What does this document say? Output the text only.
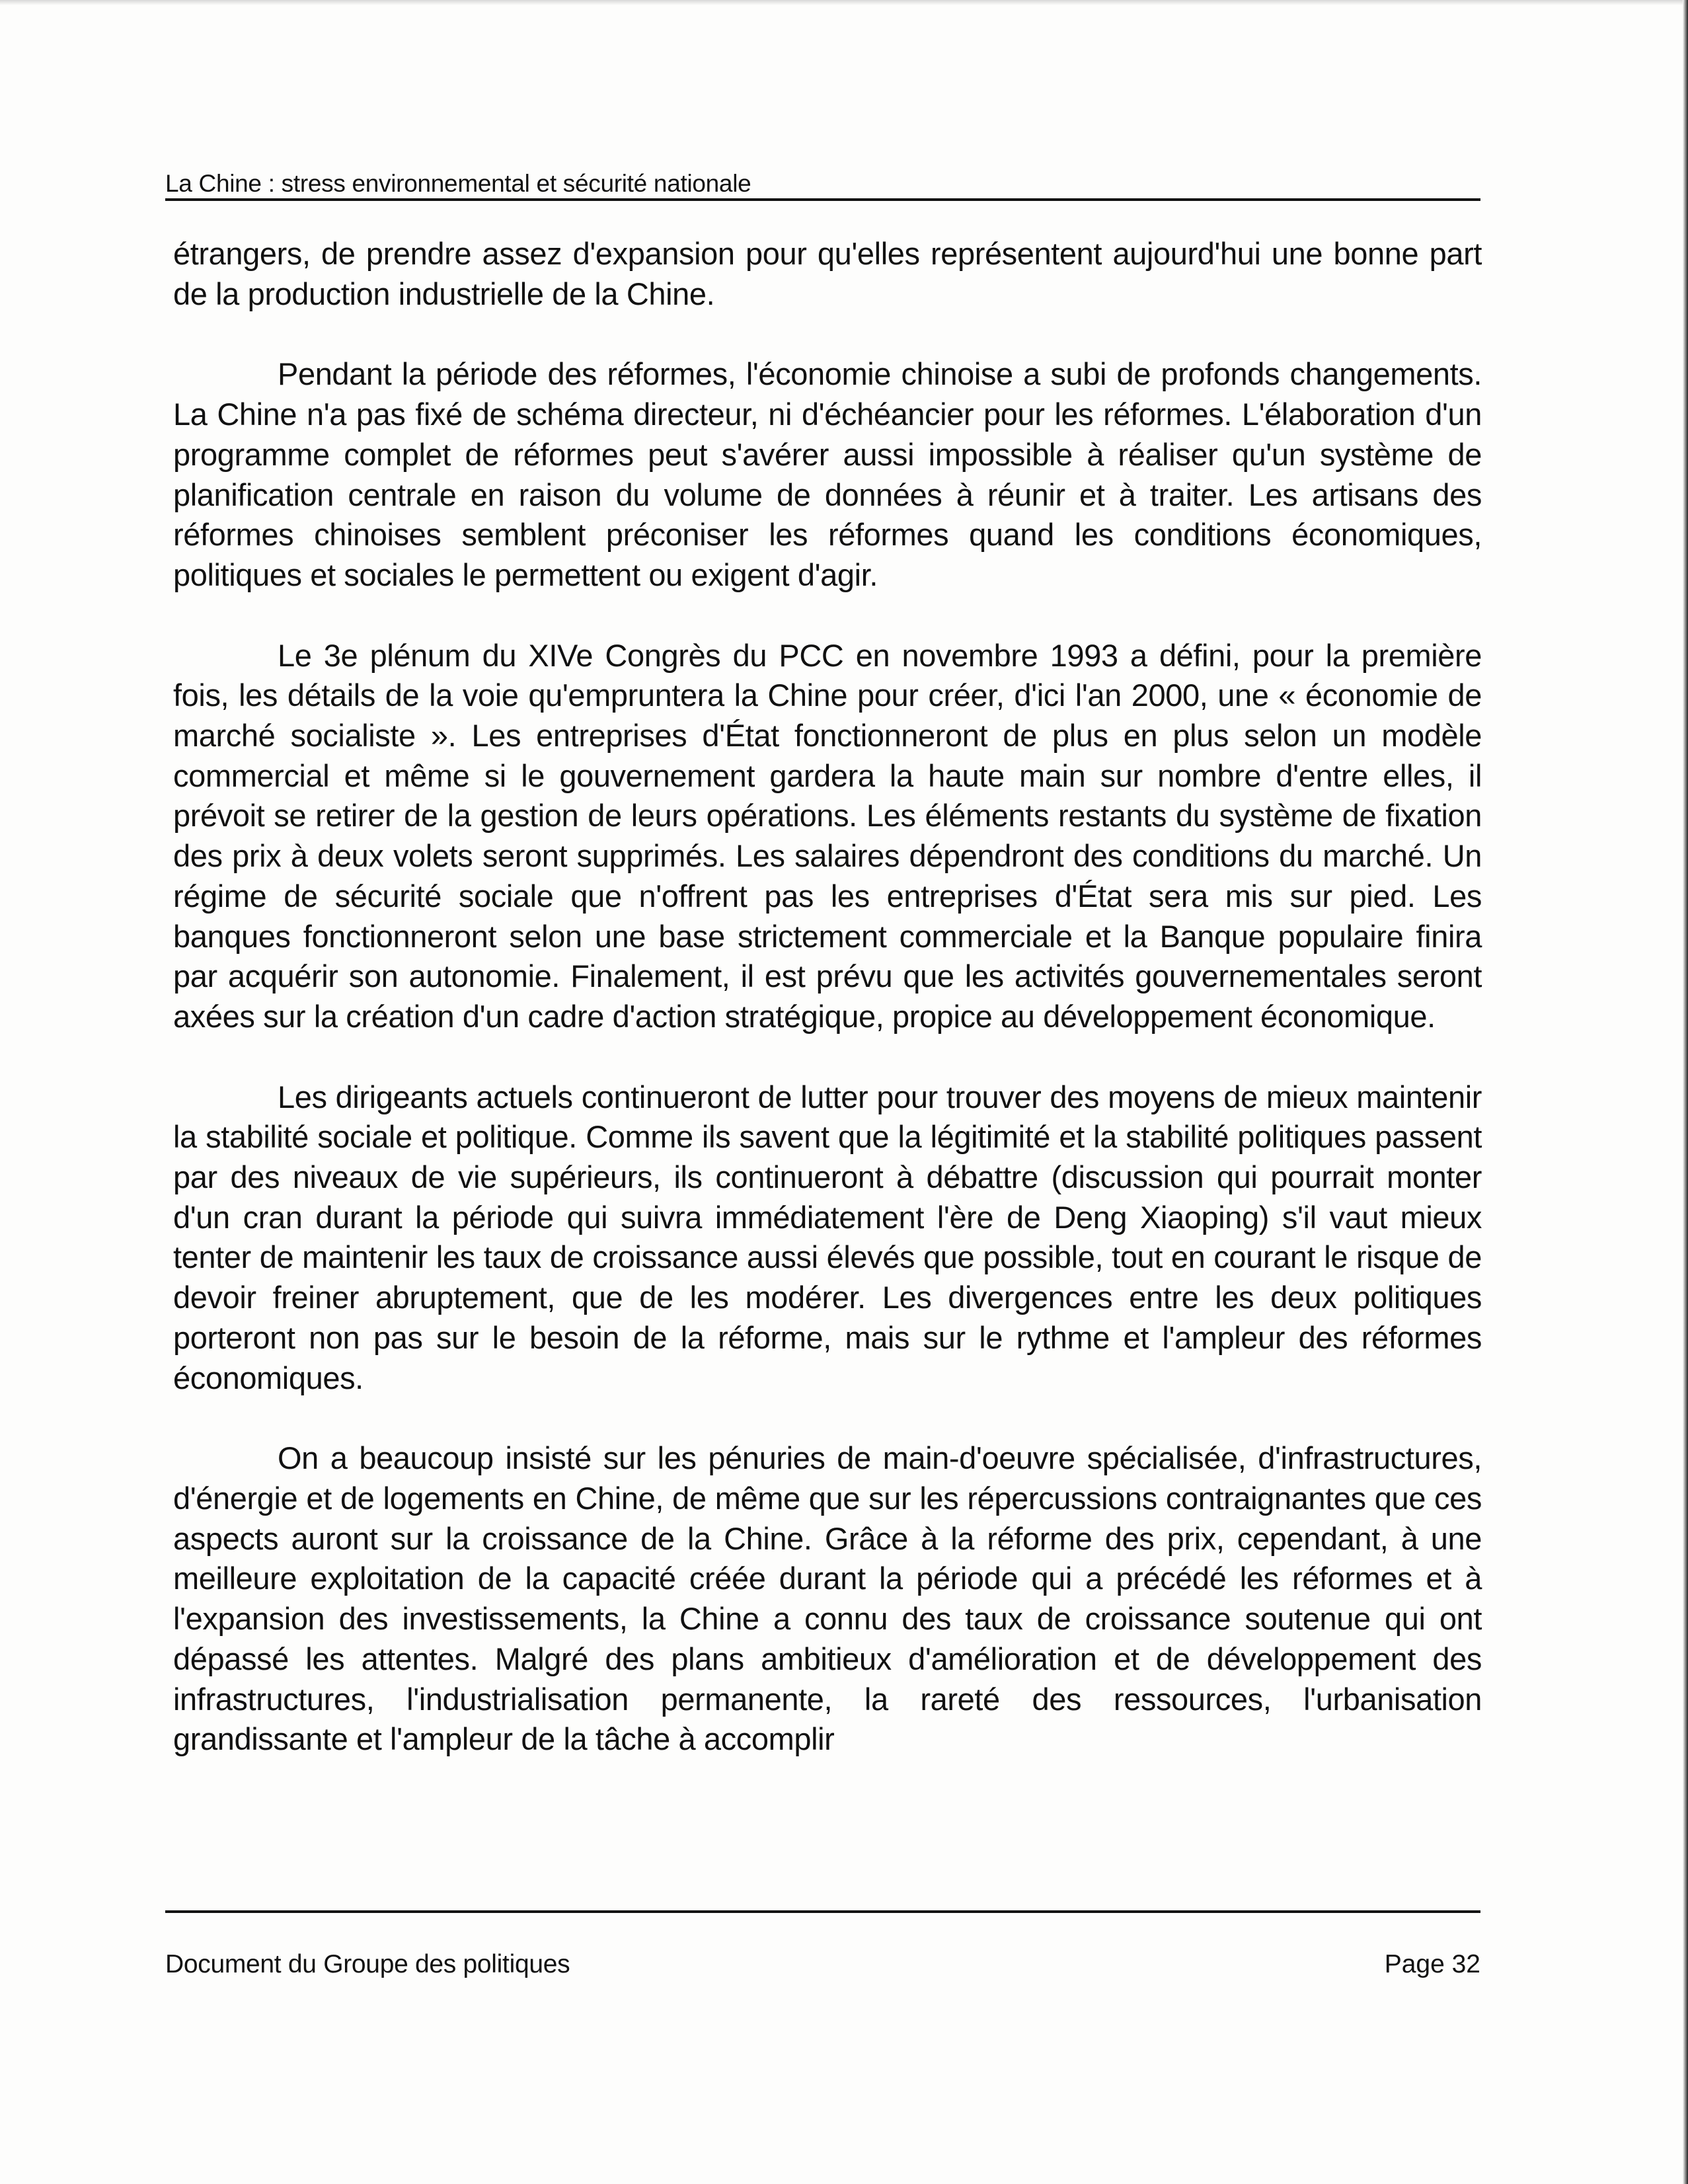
La Chine : stress environnemental et sécurité nationale

étrangers, de prendre assez d'expansion pour qu'elles représentent aujourd'hui une bonne part de la production industrielle de la Chine.

Pendant la période des réformes, l'économie chinoise a subi de profonds changements. La Chine n'a pas fixé de schéma directeur, ni d'échéancier pour les réformes. L'élaboration d'un programme complet de réformes peut s'avérer aussi impossible à réaliser qu'un système de planification centrale en raison du volume de données à réunir et à traiter. Les artisans des réformes chinoises semblent préconiser les réformes quand les conditions économiques, politiques et sociales le permettent ou exigent d'agir.

Le 3e plénum du XIVe Congrès du PCC en novembre 1993 a défini, pour la première fois, les détails de la voie qu'empruntera la Chine pour créer, d'ici l'an 2000, une « économie de marché socialiste ». Les entreprises d'État fonctionneront de plus en plus selon un modèle commercial et même si le gouvernement gardera la haute main sur nombre d'entre elles, il prévoit se retirer de la gestion de leurs opérations. Les éléments restants du système de fixation des prix à deux volets seront supprimés. Les salaires dépendront des conditions du marché. Un régime de sécurité sociale que n'offrent pas les entreprises d'État sera mis sur pied. Les banques fonctionneront selon une base strictement commerciale et la Banque populaire finira par acquérir son autonomie. Finalement, il est prévu que les activités gouvernementales seront axées sur la création d'un cadre d'action stratégique, propice au développement économique.

Les dirigeants actuels continueront de lutter pour trouver des moyens de mieux maintenir la stabilité sociale et politique. Comme ils savent que la légitimité et la stabilité politiques passent par des niveaux de vie supérieurs, ils continueront à débattre (discussion qui pourrait monter d'un cran durant la période qui suivra immédiatement l'ère de Deng Xiaoping) s'il vaut mieux tenter de maintenir les taux de croissance aussi élevés que possible, tout en courant le risque de devoir freiner abruptement, que de les modérer. Les divergences entre les deux politiques porteront non pas sur le besoin de la réforme, mais sur le rythme et l'ampleur des réformes économiques.

On a beaucoup insisté sur les pénuries de main-d'oeuvre spécialisée, d'infrastructures, d'énergie et de logements en Chine, de même que sur les répercussions contraignantes que ces aspects auront sur la croissance de la Chine. Grâce à la réforme des prix, cependant, à une meilleure exploitation de la capacité créée durant la période qui a précédé les réformes et à l'expansion des investissements, la Chine a connu des taux de croissance soutenue qui ont dépassé les attentes. Malgré des plans ambitieux d'amélioration et de développement des infrastructures, l'industrialisation permanente, la rareté des ressources, l'urbanisation grandissante et l'ampleur de la tâche à accomplir

Document du Groupe des politiques	Page 32
